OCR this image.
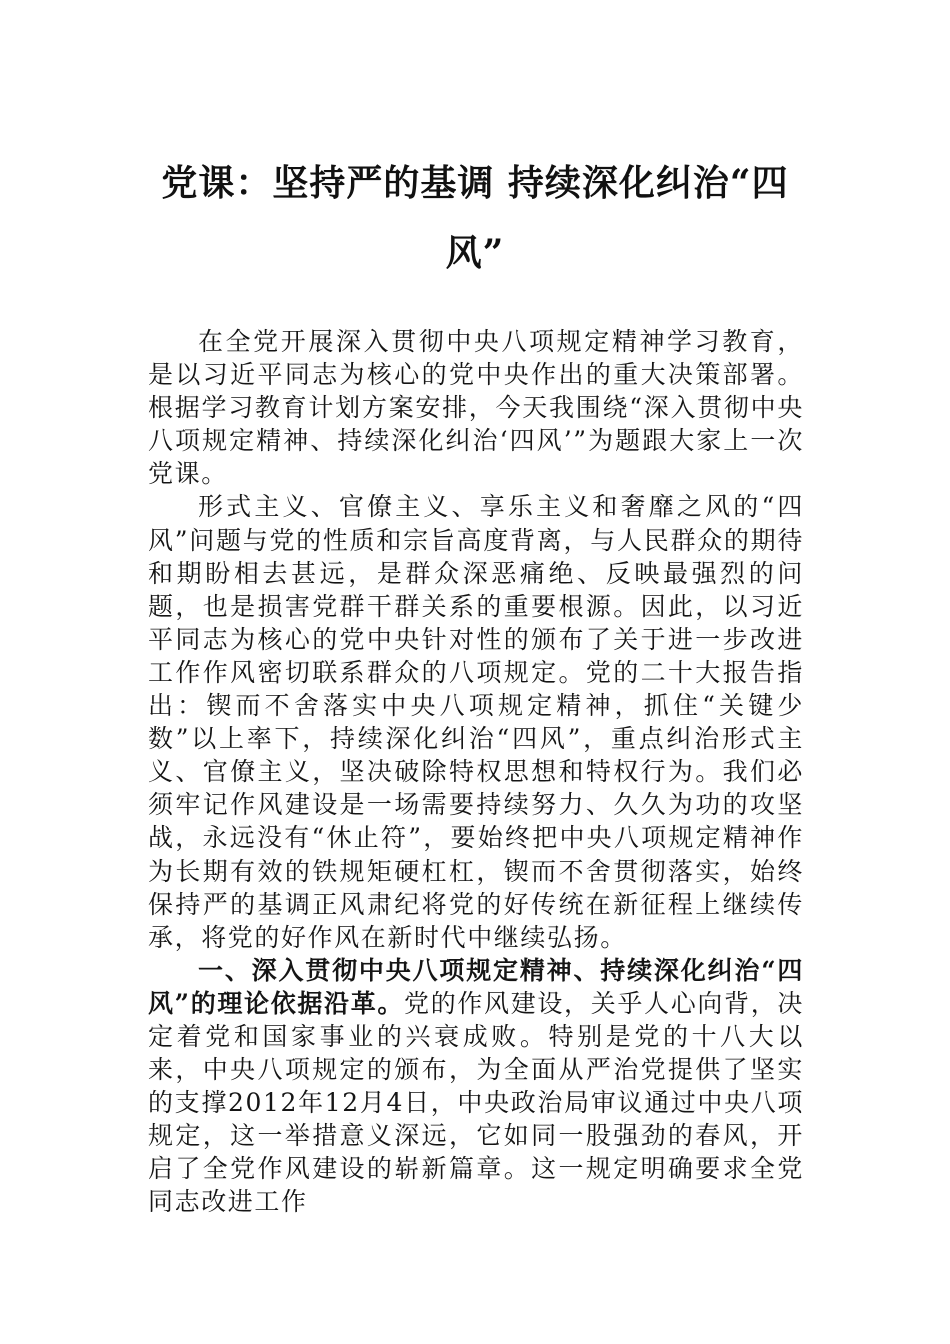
党课：坚持严的基调 持续深化纠治“四风”

在全党开展深入贯彻中央八项规定精神学习教育，是以习近平同志为核心的党中央作出的重大决策部署。根据学习教育计划方案安排，今天我围绕“深入贯彻中央八项规定精神、持续深化纠治‘四风’”为题跟大家上一次党课。

形式主义、官僚主义、享乐主义和奢靡之风的“四风”问题与党的性质和宗旨高度背离，与人民群众的期待和期盼相去甚远，是群众深恶痛绝、反映最强烈的问题，也是损害党群干群关系的重要根源。因此，以习近平同志为核心的党中央针对性的颁布了关于进一步改进工作作风密切联系群众的八项规定。党的二十大报告指出：锲而不舍落实中央八项规定精神，抓住“关键少数”以上率下，持续深化纠治“四风”，重点纠治形式主义、官僚主义，坚决破除特权思想和特权行为。我们必须牢记作风建设是一场需要持续努力、久久为功的攻坚战，永远没有“休止符”，要始终把中央八项规定精神作为长期有效的铁规矩硬杠杠，锲而不舍贯彻落实，始终保持严的基调正风肃纪将党的好传统在新征程上继续传承，将党的好作风在新时代中继续弘扬。

一、深入贯彻中央八项规定精神、持续深化纠治“四风”的理论依据沿革。党的作风建设，关乎人心向背，决定着党和国家事业的兴衰成败。特别是党的十八大以来，中央八项规定的颁布，为全面从严治党提供了坚实的支撑2012年12月4日，中央政治局审议通过中央八项规定，这一举措意义深远，它如同一股强劲的春风，开启了全党作风建设的崭新篇章。这一规定明确要求全党同志改进工作
